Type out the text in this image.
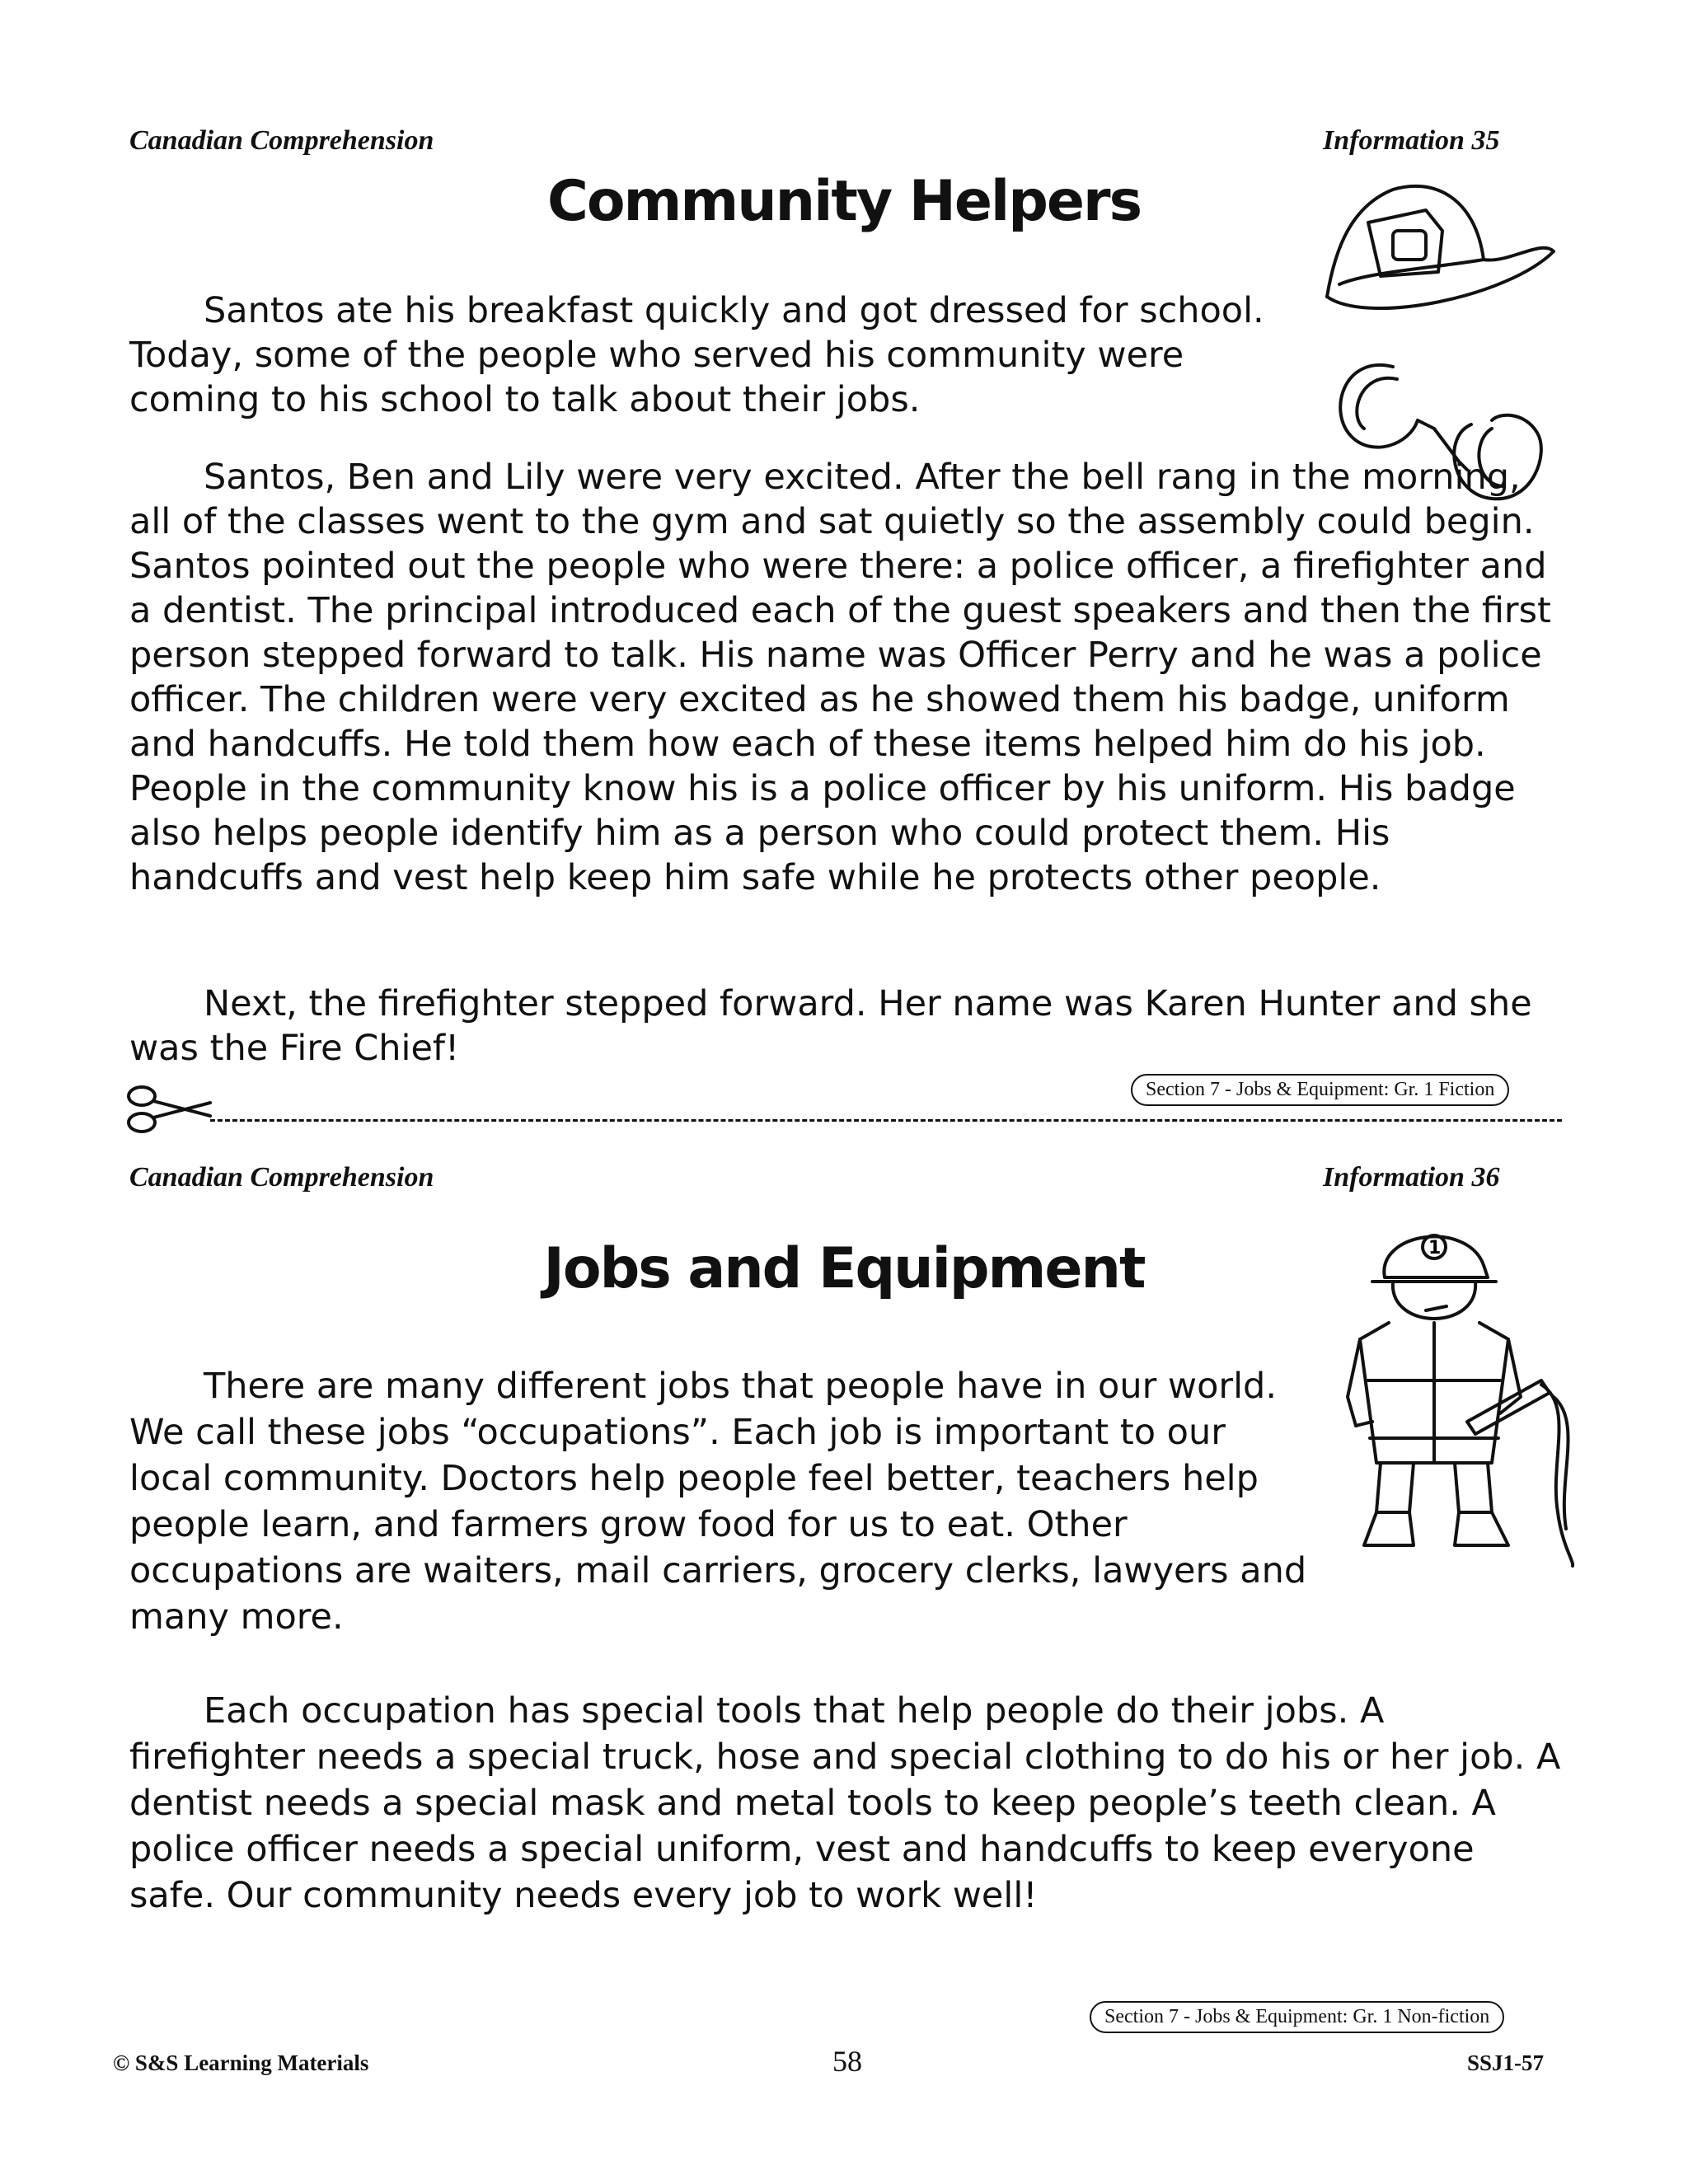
Canadian Comprehension	Information 35
Community Helpers

Santos ate his breakfast quickly and got dressed for school. Today, some of the people who served his community were coming to his school to talk about their jobs.

Santos, Ben and Lily were very excited. After the bell rang in the morning, all of the classes went to the gym and sat quietly so the assembly could begin. Santos pointed out the people who were there: a police officer, a firefighter and a dentist. The principal introduced each of the guest speakers and then the first person stepped forward to talk. His name was Officer Perry and he was a police officer. The children were very excited as he showed them his badge, uniform and handcuffs. He told them how each of these items helped him do his job. People in the community know his is a police officer by his uniform. His badge also helps people identify him as a person who could protect them. His handcuffs and vest help keep him safe while he protects other people.

Next, the firefighter stepped forward. Her name was Karen Hunter and she was the Fire Chief!

Section 7 - Jobs & Equipment: Gr. 1 Fiction
Canadian Comprehension	Information 36
Jobs and Equipment	1

There are many different jobs that people have in our world. We call these jobs “occupations”. Each job is important to our local community. Doctors help people feel better, teachers help people learn, and farmers grow food for us to eat. Other occupations are waiters, mail carriers, grocery clerks, lawyers and many more.

Each occupation has special tools that help people do their jobs. A firefighter needs a special truck, hose and special clothing to do his or her job. A dentist needs a special mask and metal tools to keep people’s teeth clean. A police officer needs a special uniform, vest and handcuffs to keep everyone safe. Our community needs every job to work well!

Section 7 - Jobs & Equipment: Gr. 1 Non-fiction
© S&S Learning Materials	58	SSJ1-57
